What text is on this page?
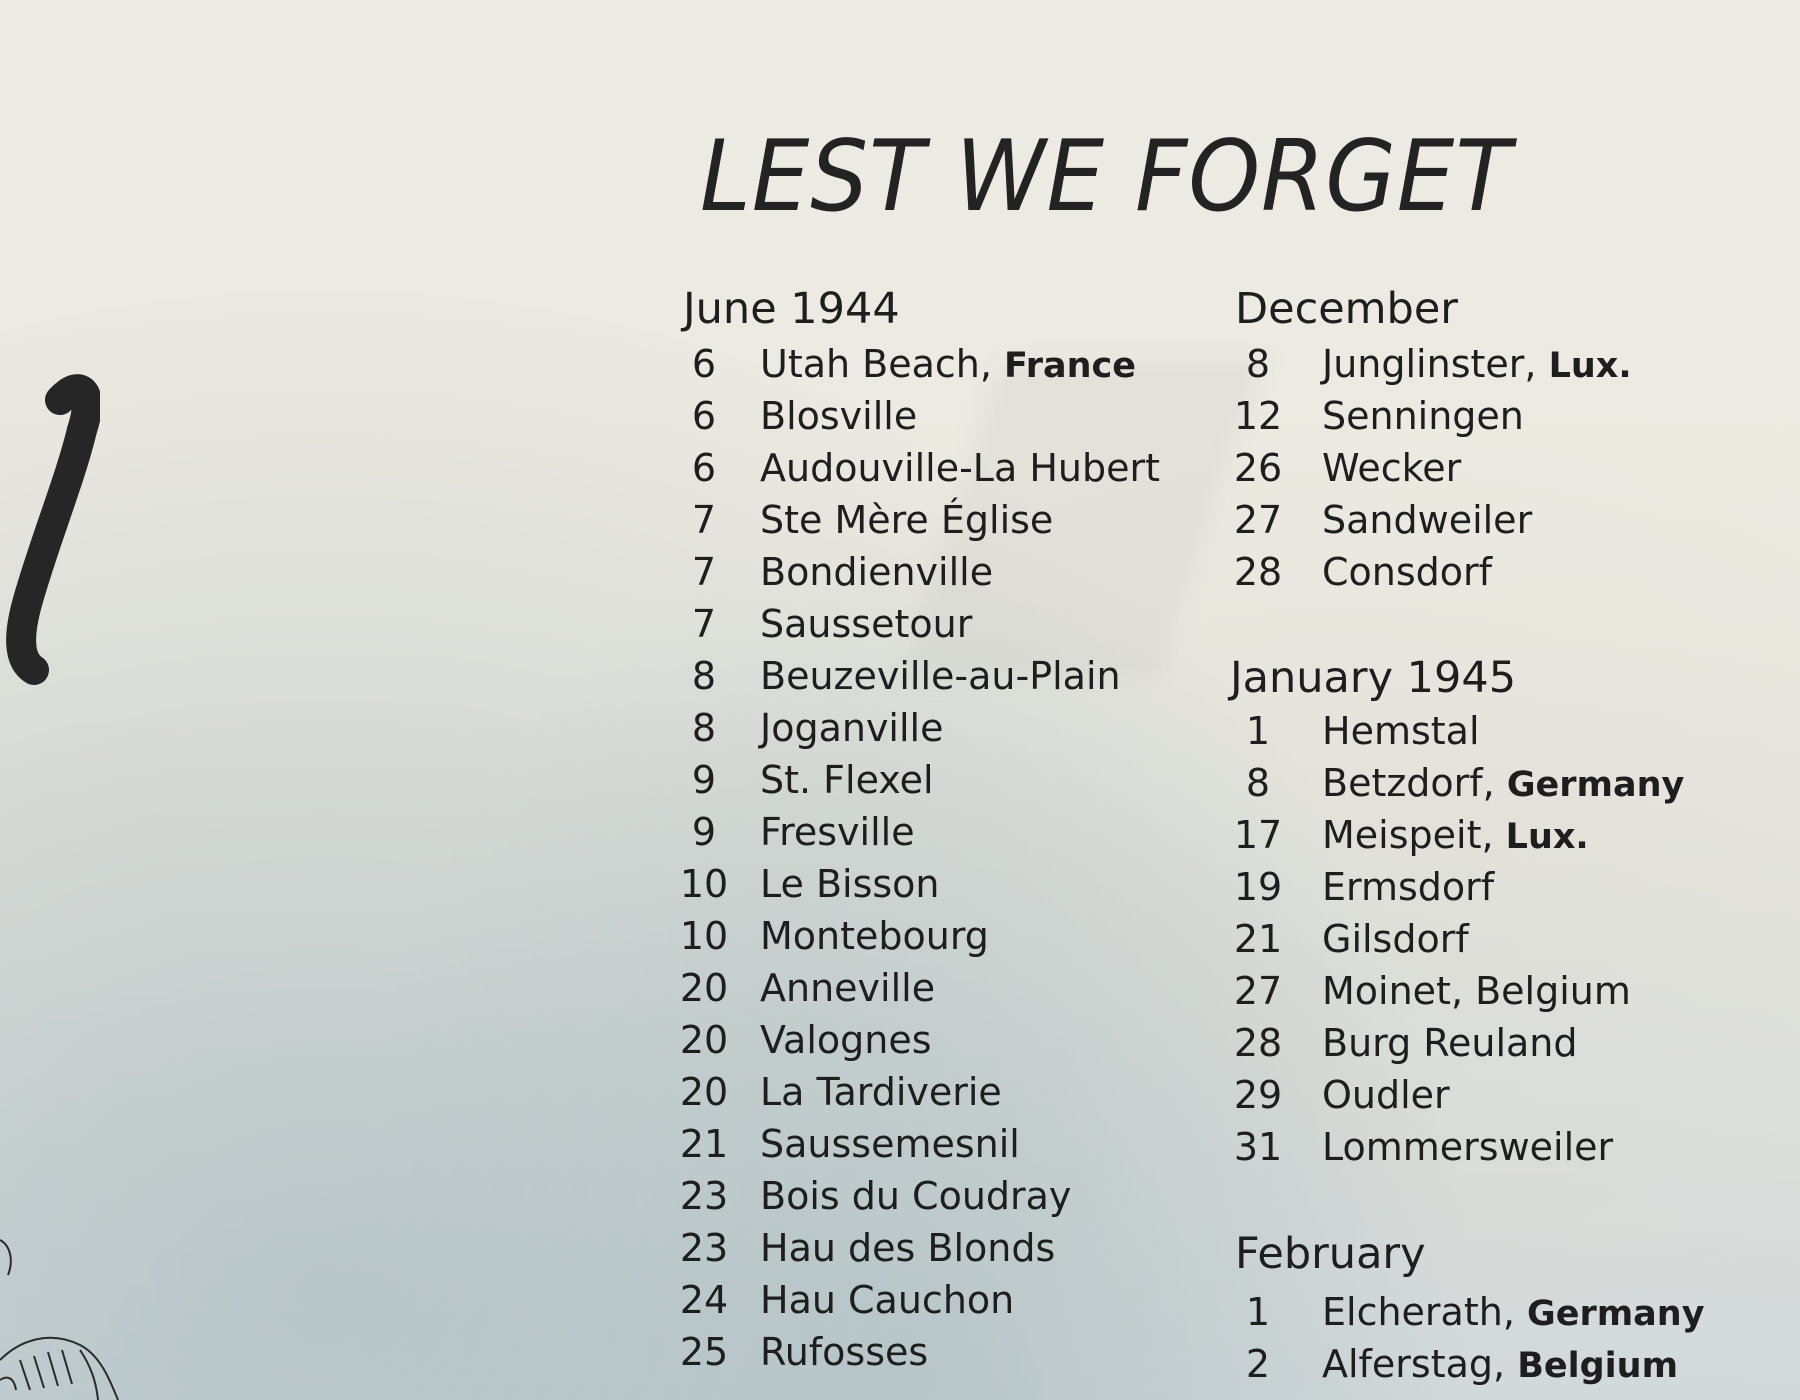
LEST WE FORGET
June 1944
6	Utah Beach, France
6	Blosville
6	Audouville-La Hubert
7	Ste Mère Église
7	Bondienville
7	Saussetour
8	Beuzeville-au-Plain
8	Joganville
9	St. Flexel
9	Fresville
10 Le Bisson
10 Montebourg
20 Anneville
20 Valognes
20 La Tardiverie
21 Saussemesnil
23 Bois du Coudray
23 Hau des Blonds
24 Hau Cauchon
25 Rufosses
December
8	Junglinster, Lux.
12	Senningen
26	Wecker
27	Sandweiler
28	Consdorf
January 1945
1	Hemstal
8	Betzdorf, Germany
17	Meispeit, Lux.
19	Ermsdorf
21	Gilsdorf
27	Moinet, Belgium
28	Burg Reuland
29	Oudler
31	Lommersweiler
February
1	Elcherath, Germany
2	Alferstag, Belgium
